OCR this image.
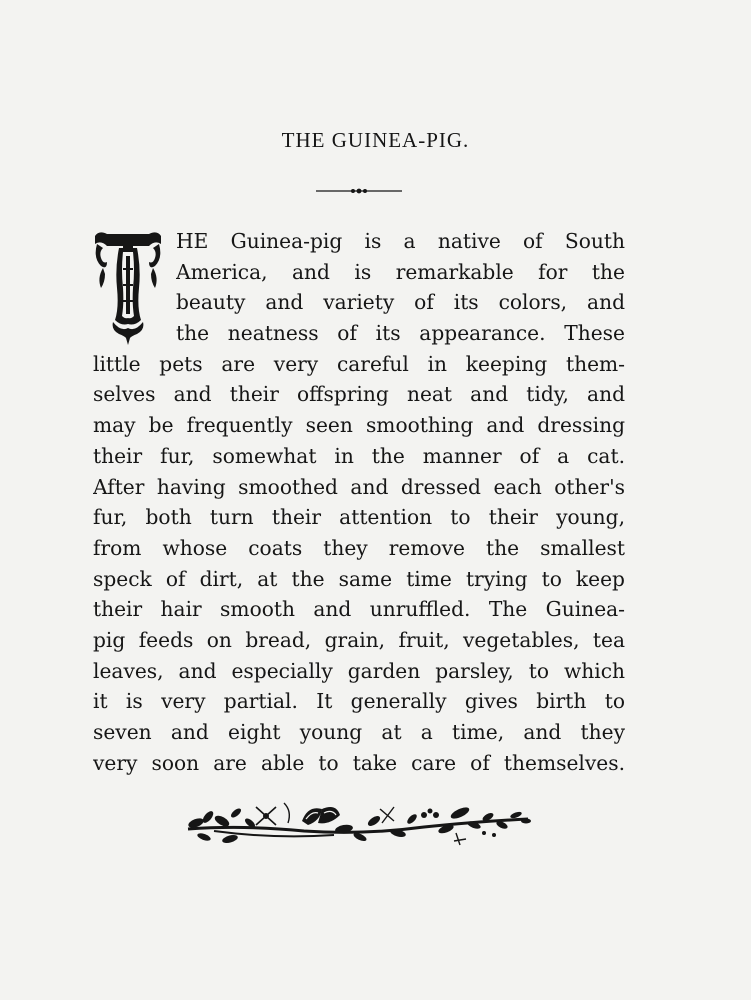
THE GUINEA-PIG.
HE Guinea-pig is a native of South
America, and is remarkable for the
beauty and variety of its colors, and
the neatness of its appearance. These
little pets are very careful in keeping them-
selves and their offspring neat and tidy, and
may be frequently seen smoothing and dressing
their fur, somewhat in the manner of a cat.
After having smoothed and dressed each other's
fur, both turn their attention to their young,
from whose coats they remove the smallest
speck of dirt, at the same time trying to keep
their hair smooth and unruffled. The Guinea-
pig feeds on bread, grain, fruit, vegetables, tea
leaves, and especially garden parsley, to which
it is very partial. It generally gives birth to
seven and eight young at a time, and they
very soon are able to take care of themselves.
